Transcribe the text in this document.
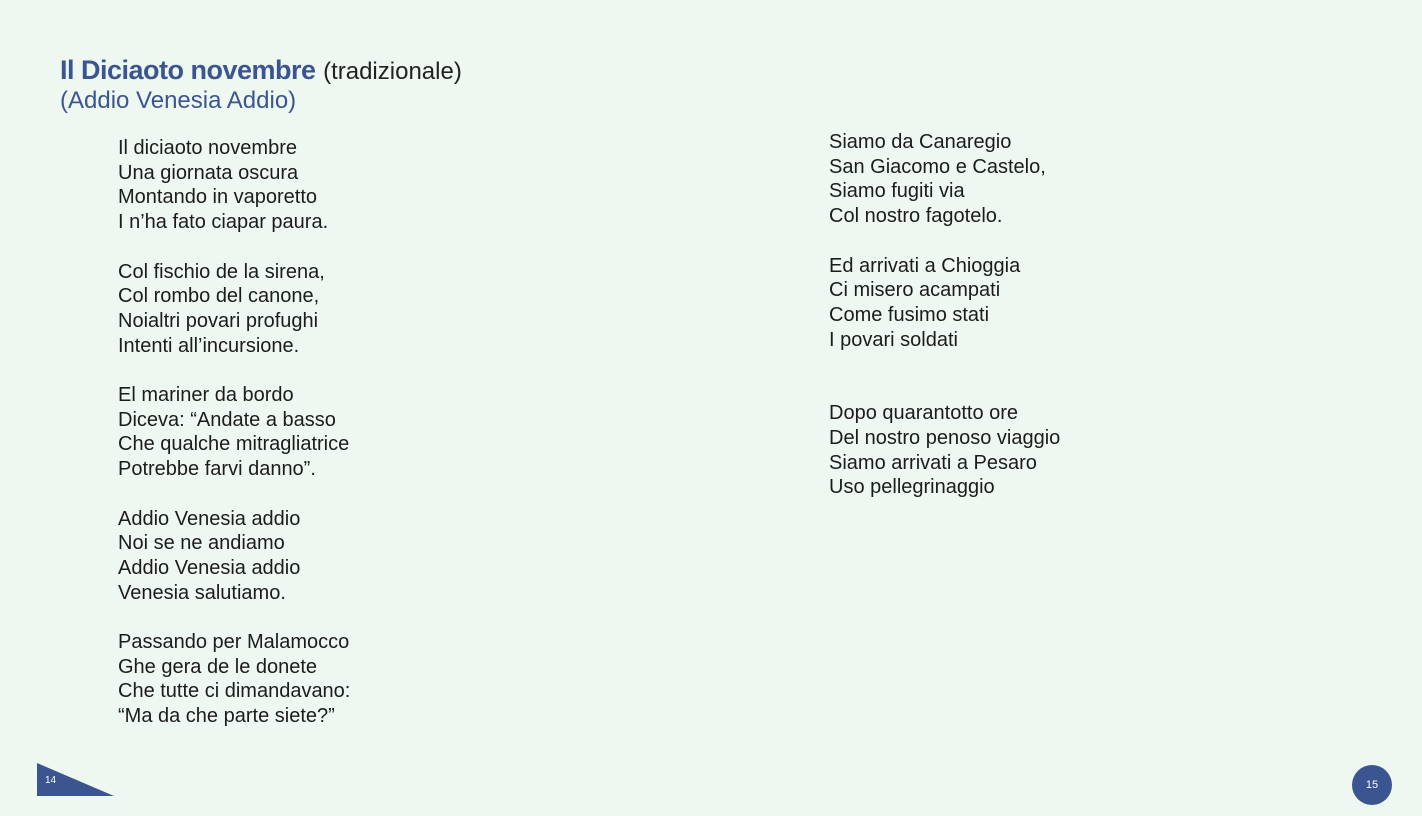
Il Diciaoto novembre (tradizionale)
(Addio Venesia Addio)
Il diciaoto novembre
Una giornata oscura
Montando in vaporetto
I n’ha fato ciapar paura.
Col fischio de la sirena,
Col rombo del canone,
Noialtri povari profughi
Intenti all’incursione.
El mariner da bordo
Diceva: “Andate a basso
Che qualche mitragliatrice
Potrebbe farvi danno”.
Addio Venesia addio
Noi se ne andiamo
Addio Venesia addio
Venesia salutiamo.
Passando per Malamocco
Ghe gera de le donete
Che tutte ci dimandavano:
“Ma da che parte siete?”
Siamo da Canaregio
San Giacomo e Castelo,
Siamo fugiti via
Col nostro fagotelo.
Ed arrivati a Chioggia
Ci misero acampati
Come fusimo stati
I povari soldati
Dopo quarantotto ore
Del nostro penoso viaggio
Siamo arrivati a Pesaro
Uso pellegrinaggio
14	15
